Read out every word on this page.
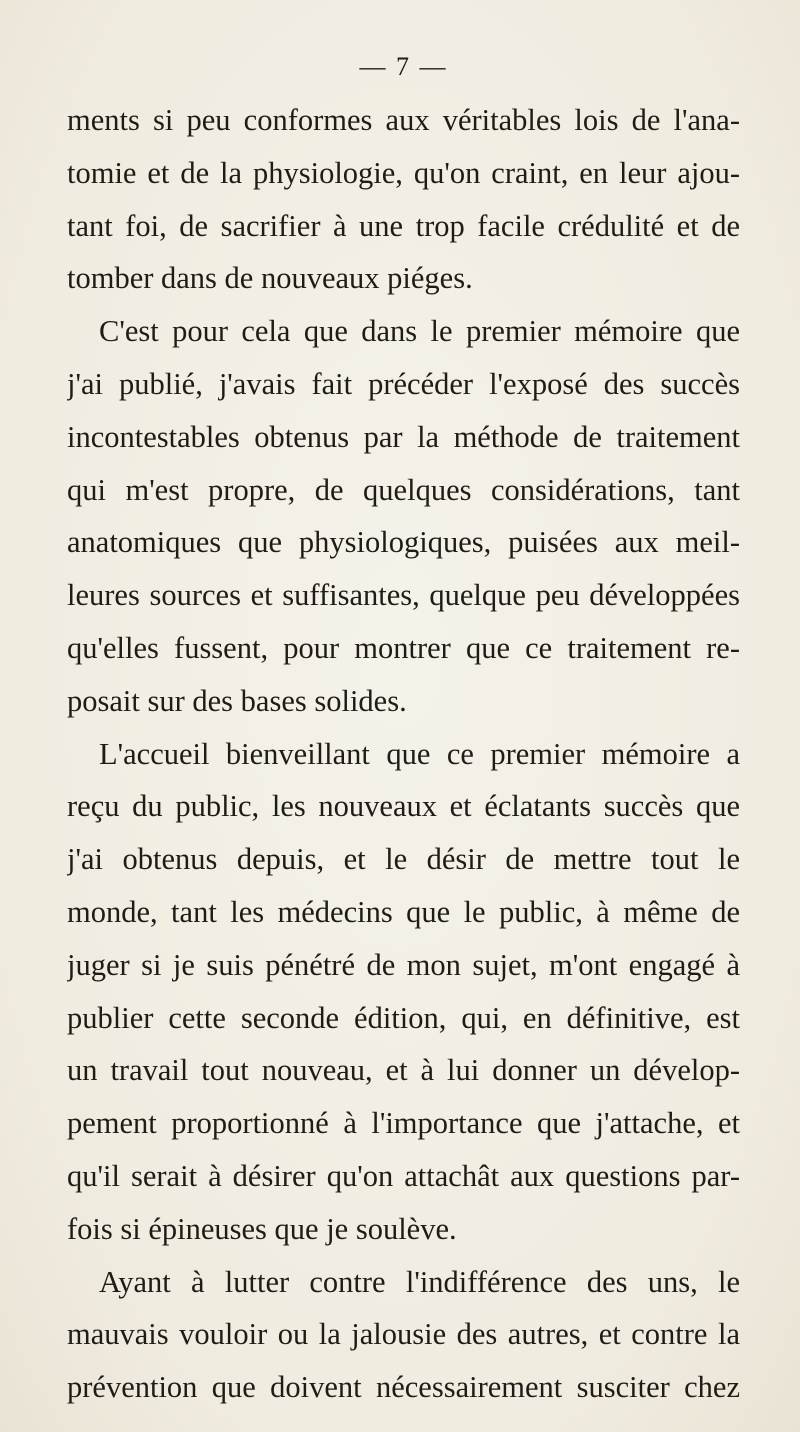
— 7 —
ments si peu conformes aux véritables lois de l'ana-
tomie et de la physiologie, qu'on craint, en leur ajou-
tant foi, de sacrifier à une trop facile crédulité et de
tomber dans de nouveaux piéges.
C'est pour cela que dans le premier mémoire que
j'ai publié, j'avais fait précéder l'exposé des succès
incontestables obtenus par la méthode de traitement
qui m'est propre, de quelques considérations, tant
anatomiques que physiologiques, puisées aux meil-
leures sources et suffisantes, quelque peu développées
qu'elles fussent, pour montrer que ce traitement re-
posait sur des bases solides.
L'accueil bienveillant que ce premier mémoire a
reçu du public, les nouveaux et éclatants succès que
j'ai obtenus depuis, et le désir de mettre tout le
monde, tant les médecins que le public, à même de
juger si je suis pénétré de mon sujet, m'ont engagé à
publier cette seconde édition, qui, en définitive, est
un travail tout nouveau, et à lui donner un dévelop-
pement proportionné à l'importance que j'attache, et
qu'il serait à désirer qu'on attachât aux questions par-
fois si épineuses que je soulève.
Ayant à lutter contre l'indifférence des uns, le
mauvais vouloir ou la jalousie des autres, et contre la
prévention que doivent nécessairement susciter chez
